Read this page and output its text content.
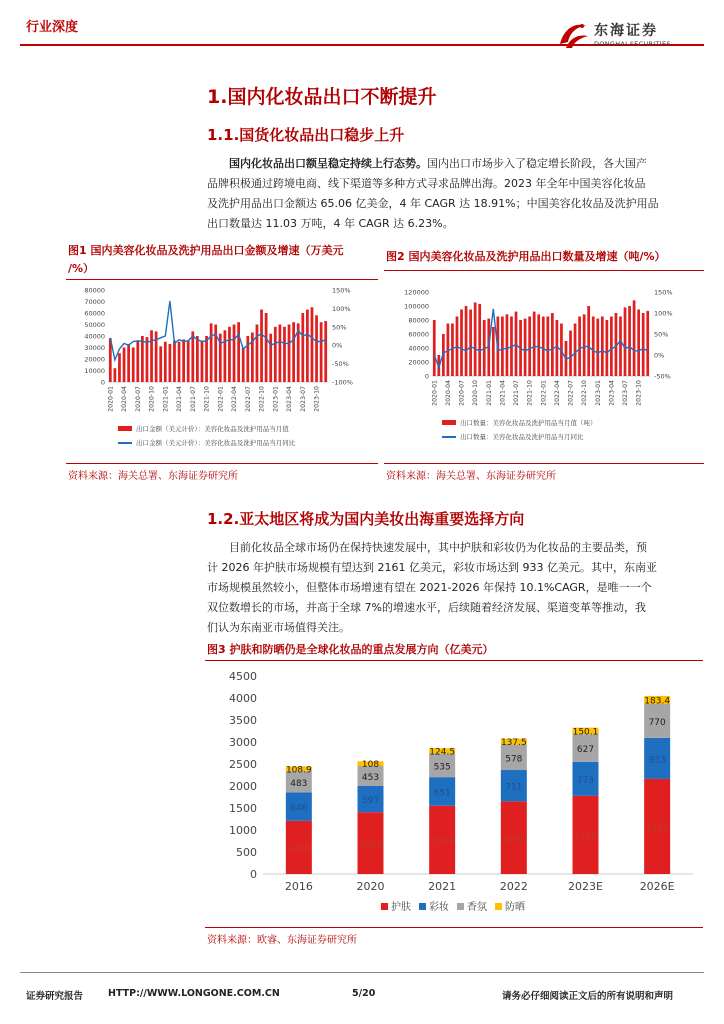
行业深度	东海证券
DONGHAI SECURITIES
1.国内化妆品出口不断提升
1.1.国货化妆品出口稳步上升
国内化妆品出口额呈稳定持续上行态势。国内出口市场步入了稳定增长阶段，各大国产
品牌积极通过跨境电商、线下渠道等多种方式寻求品牌出海。2023 年全年中国美容化妆品
及洗护用品出口金额达 65.06 亿美金，4 年 CAGR 达 18.91%；中国美容化妆品及洗护用品
出口数量达 11.03 万吨，4 年 CAGR 达 6.23%。
图1 国内美容化妆品及洗护用品出口金额及增速（万美元
/%）
80000
70000
60000
50000
40000
30000
20000
10000
0
150%
100%
50%
0%
-50%
-100%
2020-01 2020-04 2020-07 2020-10 2021-01 2021-04 2021-07 2021-10 2022-01 2022-04 2022-07 2022-10 2023-01 2023-04 2023-07 2023-10
出口金额（美元计价）：美容化妆品及洗护用品当月值
出口金额（美元计价）：美容化妆品及洗护用品当月同比
资料来源：海关总署、东海证券研究所
图2 国内美容化妆品及洗护用品出口数量及增速（吨/%）
120000
100000
80000
60000
40000
20000
0
150%
100%
50%
0%
-50%
2020-01 2020-04 2020-07 2020-10 2021-01 2021-04 2021-07 2021-10 2022-01 2022-04 2022-07 2022-10 2023-01 2023-04 2023-07 2023-10
出口数量：美容化妆品及洗护用品当月值（吨）
出口数量：美容化妆品及洗护用品当月同比
资料来源：海关总署、东海证券研究所
1.2.亚太地区将成为国内美妆出海重要选择方向
目前化妆品全球市场仍在保持快速发展中，其中护肤和彩妆仍为化妆品的主要品类，预
计 2026 年护肤市场规模有望达到 2161 亿美元，彩妆市场达到 933 亿美元。其中，东南亚
市场规模虽然较小，但整体市场增速有望在 2021-2026 年保持 10.1%CAGR，是唯一一个
双位数增长的市场，并高于全球 7%的增速水平，后续随着经济发展、渠道变革等推动，我
们认为东南亚市场值得关注。
图3 护肤和防晒仍是全球化妆品的重点发展方向（亿美元）
4500
4000
3500
3000
2500
2000
1500
1000
500
0
1208
646
483
108.9
2016
1404
597
453
108
2020
1550
651
535
124.5
2021
1652
711
578
137.5
2022
1776
773
627
150.1
2023E
2161
933
770
183.4
2026E
护肤 彩妆 香氛 防晒
资料来源：欧睿、东海证券研究所
证券研究报告	HTTP://WWW.LONGONE.COM.CN	5/20	请务必仔细阅读正文后的所有说明和声明
